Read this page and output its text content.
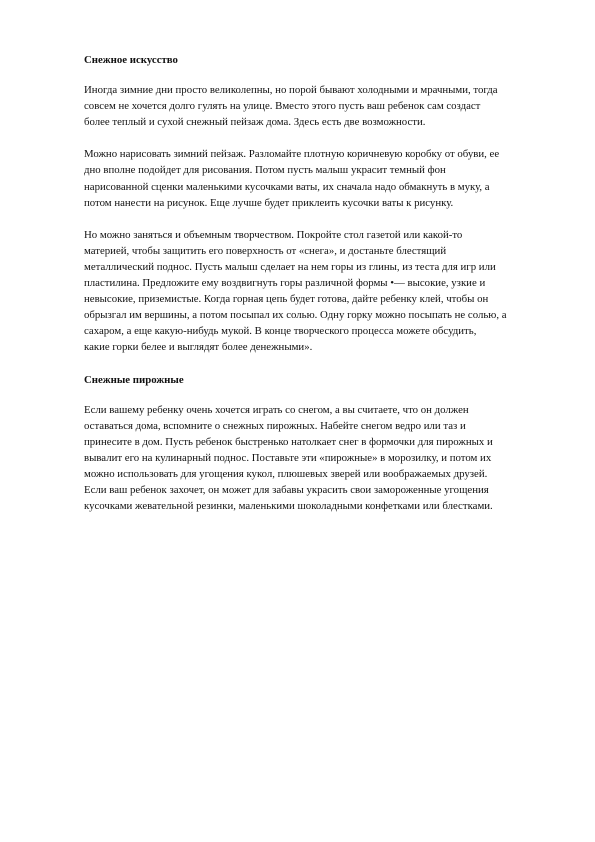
Снежное искусство
Иногда зимние дни просто великолепны, но порой бывают холодными и мрачными, тогда
совсем не хочется долго гулять на улице. Вместо этого пусть ваш ребенок сам создаст
более теплый и сухой снежный пейзаж дома. Здесь есть две возможности.
Можно нарисовать зимний пейзаж. Разломайте плотную коричневую коробку от обуви, ее
дно вполне подойдет для рисования. Потом пусть малыш украсит темный фон
нарисованной сценки маленькими кусочками ваты, их сначала надо обмакнуть в муку, а
потом нанести на рисунок. Еще лучше будет приклеить кусочки ваты к рисунку.
Но можно заняться и объемным творчеством. Покройте стол газетой или какой-то
материей, чтобы защитить его поверхность от «снега», и достаньте блестящий
металлический поднос. Пусть малыш сделает на нем горы из глины, из теста для игр или
пластилина. Предложите ему воздвигнуть горы различной формы •— высокие, узкие и
невысокие, приземистые. Когда горная цепь будет готова, дайте ребенку клей, чтобы он
обрызгал им вершины, а потом посыпал их солью. Одну горку можно посыпать не солью, а
сахаром, а еще какую-нибудь мукой. В конце творческого процесса можете обсудить,
какие горки белее и выглядят более денежными».
Снежные пирожные
Если вашему ребенку очень хочется играть со снегом, а вы считаете, что он должен
оставаться дома, вспомните о снежных пирожных. Набейте снегом ведро или таз и
принесите в дом. Пусть ребенок быстренько натолкает снег в формочки для пирожных и
вывалит его на кулинарный поднос. Поставьте эти «пирожные» в морозилку, и потом их
можно использовать для угощения кукол, плюшевых зверей или воображаемых друзей.
Если ваш ребенок захочет, он может для забавы украсить свои замороженные угощения
кусочками жевательной резинки, маленькими шоколадными конфетками или блестками.
